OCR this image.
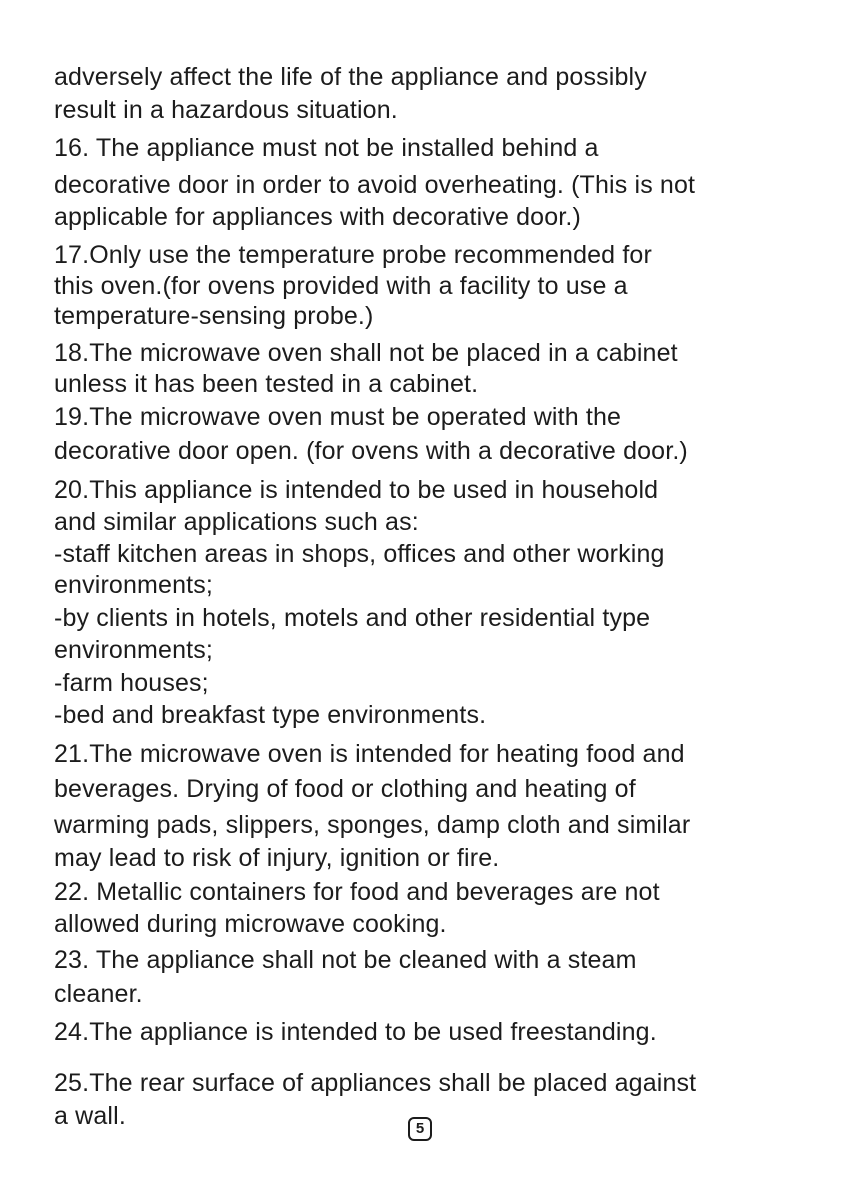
adversely affect the life of the appliance and possibly
result in a hazardous situation.
16. The appliance must not be installed behind a
decorative door in order to avoid overheating. (This is not
applicable for appliances with decorative door.)
17.Only use the temperature probe recommended for
this oven.(for ovens provided with a facility to use a
temperature-sensing probe.)
18.The microwave oven shall not be placed in a cabinet
unless it has been tested in a cabinet.
19.The microwave oven must be operated with the
decorative door open. (for ovens with a decorative door.)
20.This appliance is intended to be used in household
and similar applications such as:
-staff kitchen areas in shops, offices and other working
environments;
-by clients in hotels, motels and other residential type
environments;
-farm houses;
-bed and breakfast type environments.
21.The microwave oven is intended for heating food and
beverages. Drying of food or clothing and heating of
warming pads, slippers, sponges, damp cloth and similar
may lead to risk of injury, ignition or fire.
22. Metallic containers for food and beverages are not
allowed during microwave cooking.
23. The appliance shall not be cleaned with a steam
cleaner.
24.The appliance is intended to be used freestanding.
25.The rear surface of appliances shall be placed against
a wall.	5
